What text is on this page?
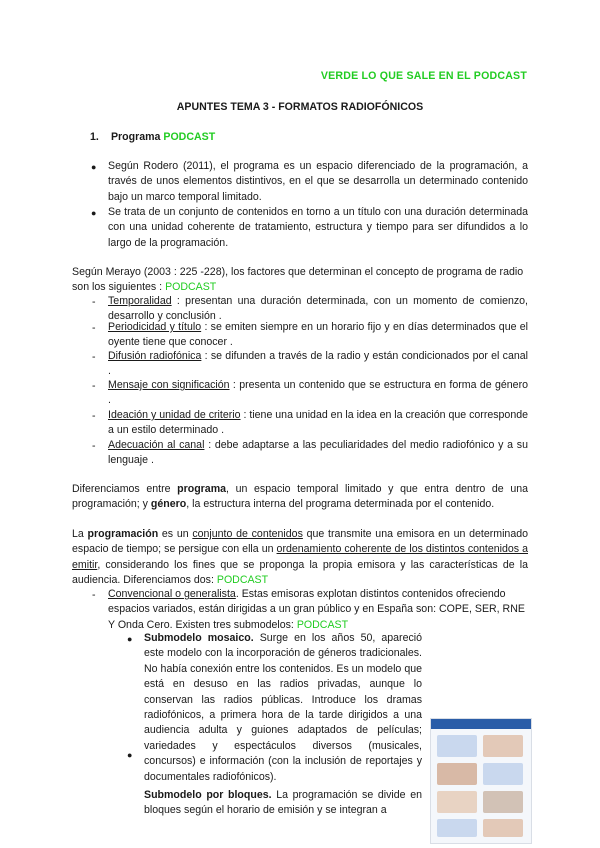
VERDE LO QUE SALE EN EL PODCAST
APUNTES TEMA 3 - FORMATOS RADIOFÓNICOS
1. Programa PODCAST
● Según Rodero (2011), el programa es un espacio diferenciado de la programación, a través de unos elementos distintivos, en el que se desarrolla un determinado contenido bajo un marco temporal limitado.

● Se trata de un conjunto de contenidos en torno a un título con una duración determinada con una unidad coherente de tratamiento, estructura y tiempo para ser difundidos a lo largo de la programación.

Según Merayo (2003 : 225 -228), los factores que determinan el concepto de programa de radio son los siguientes : PODCAST

- Temporalidad : presentan una duración determinada, con un momento de comienzo, desarrollo y conclusión .

- Periodicidad y título : se emiten siempre en un horario fijo y en días determinados que el oyente tiene que conocer .

- Difusión radiofónica : se difunden a través de la radio y están condicionados por el canal .

- Mensaje con significación : presenta un contenido que se estructura en forma de género .

- Ideación y unidad de criterio : tiene una unidad en la idea en la creación que corresponde a un estilo determinado .

- Adecuación al canal : debe adaptarse a las peculiaridades del medio radiofónico y a su lenguaje .

Diferenciamos entre programa, un espacio temporal limitado y que entra dentro de una programación; y género, la estructura interna del programa determinada por el contenido.

La programación es un conjunto de contenidos que transmite una emisora en un determinado espacio de tiempo; se persigue con ella un ordenamiento coherente de los distintos contenidos a emitir, considerando los fines que se proponga la propia emisora y las características de la audiencia. Diferenciamos dos: PODCAST

- Convencional o generalista. Estas emisoras explotan distintos contenidos ofreciendo espacios variados, están dirigidas a un gran público y en España son: COPE, SER, RNE Y Onda Cero. Existen tres submodelos: PODCAST

● Submodelo mosaico. Surge en los años 50, apareció este modelo con la incorporación de géneros tradicionales. No había conexión entre los contenidos. Es un modelo que está en desuso en las radios privadas, aunque lo conservan las radios públicas. Introduce los dramas radiofónicos, a primera hora de la tarde dirigidos a una audiencia adulta y guiones adaptados de películas; variedades y espectáculos diversos (musicales, concursos) e información (con la inclusión de reportajes y documentales radiofónicos).

Submodelo por bloques. La programación se divide en bloques según el horario de emisión y se integran a

●
